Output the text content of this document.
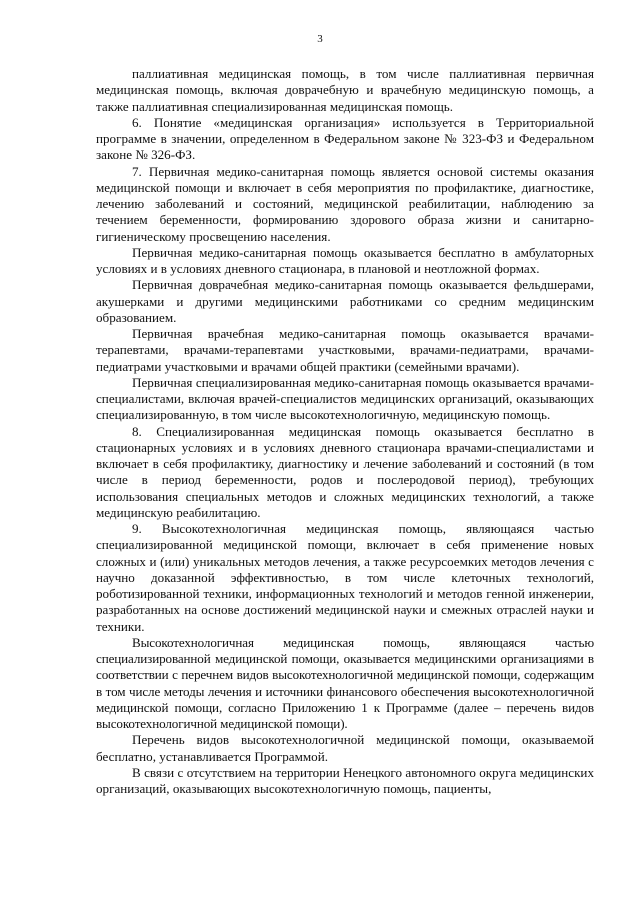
3

паллиативная медицинская помощь, в том числе паллиативная первичная медицинская помощь, включая доврачебную и врачебную медицинскую помощь, а также паллиативная специализированная медицинская помощь.

6. Понятие «медицинская организация» используется в Территориальной программе в значении, определенном в Федеральном законе № 323-ФЗ и Федеральном законе № 326-ФЗ.

7. Первичная медико-санитарная помощь является основой системы оказания медицинской помощи и включает в себя мероприятия по профилактике, диагностике, лечению заболеваний и состояний, медицинской реабилитации, наблюдению за течением беременности, формированию здорового образа жизни и санитарно-гигиеническому просвещению населения.

Первичная медико-санитарная помощь оказывается бесплатно в амбулаторных условиях и в условиях дневного стационара, в плановой и неотложной формах.

Первичная доврачебная медико-санитарная помощь оказывается фельдшерами, акушерками и другими медицинскими работниками со средним медицинским образованием.

Первичная врачебная медико-санитарная помощь оказывается врачами-терапевтами, врачами-терапевтами участковыми, врачами-педиатрами, врачами-педиатрами участковыми и врачами общей практики (семейными врачами).

Первичная специализированная медико-санитарная помощь оказывается врачами-специалистами, включая врачей-специалистов медицинских организаций, оказывающих специализированную, в том числе высокотехнологичную, медицинскую помощь.

8. Специализированная медицинская помощь оказывается бесплатно в стационарных условиях и в условиях дневного стационара врачами-специалистами и включает в себя профилактику, диагностику и лечение заболеваний и состояний (в том числе в период беременности, родов и послеродовой период), требующих использования специальных методов и сложных медицинских технологий, а также медицинскую реабилитацию.

9. Высокотехнологичная медицинская помощь, являющаяся частью специализированной медицинской помощи, включает в себя применение новых сложных и (или) уникальных методов лечения, а также ресурсоемких методов лечения с научно доказанной эффективностью, в том числе клеточных технологий, роботизированной техники, информационных технологий и методов генной инженерии, разработанных на основе достижений медицинской науки и смежных отраслей науки и техники.

Высокотехнологичная медицинская помощь, являющаяся частью специализированной медицинской помощи, оказывается медицинскими организациями в соответствии с перечнем видов высокотехнологичной медицинской помощи, содержащим в том числе методы лечения и источники финансового обеспечения высокотехнологичной медицинской помощи, согласно Приложению 1 к Программе (далее – перечень видов высокотехнологичной медицинской помощи).

Перечень видов высокотехнологичной медицинской помощи, оказываемой бесплатно, устанавливается Программой.

В связи с отсутствием на территории Ненецкого автономного округа медицинских организаций, оказывающих высокотехнологичную помощь, пациенты,
